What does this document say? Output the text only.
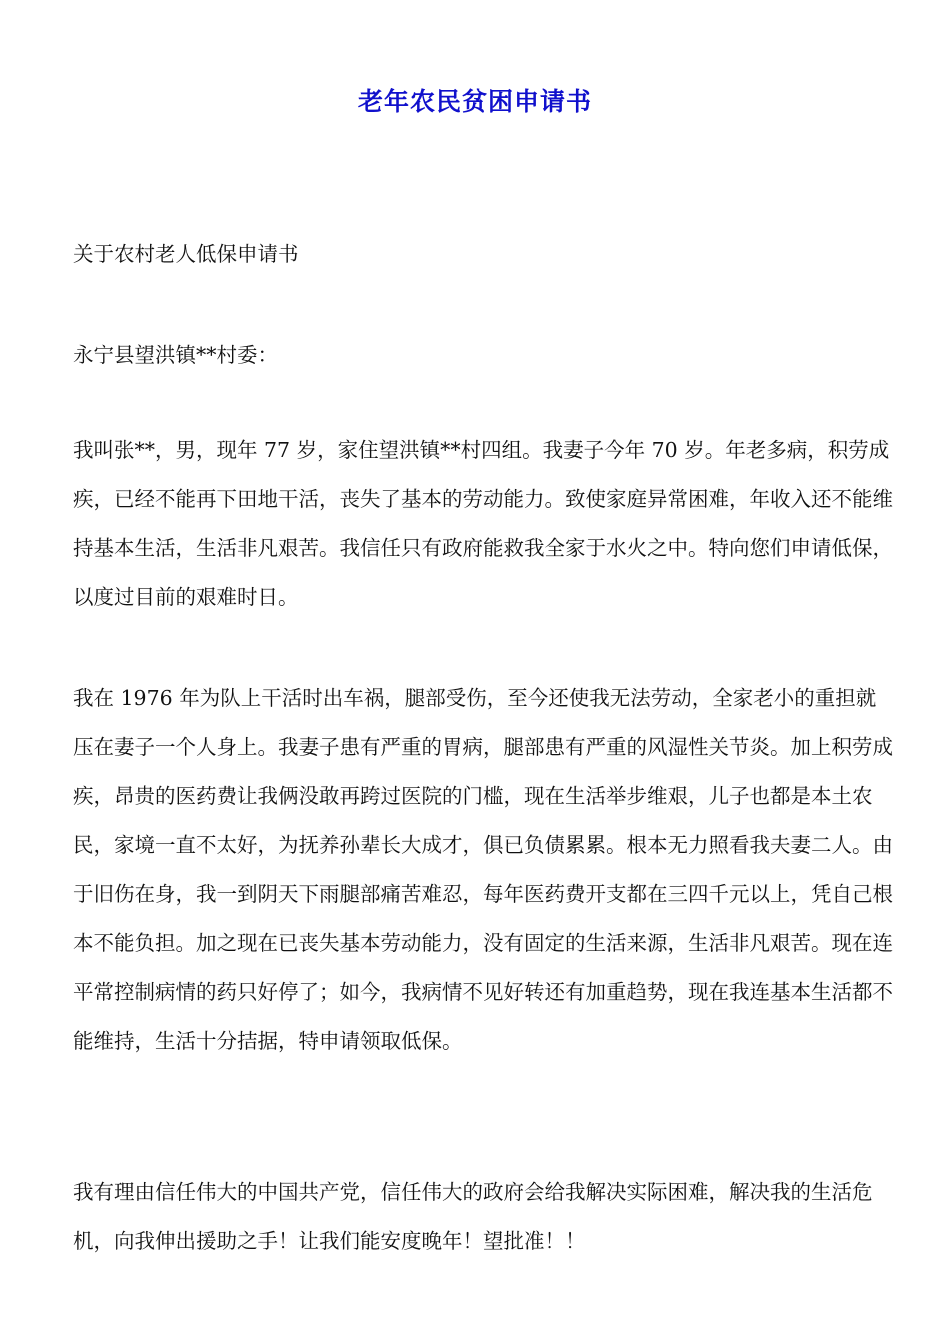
老年农民贫困申请书

关于农村老人低保申请书

永宁县望洪镇**村委：

我叫张**，男，现年 77 岁，家住望洪镇**村四组。我妻子今年 70 岁。年老多病，积劳成疾，已经不能再下田地干活，丧失了基本的劳动能力。致使家庭异常困难，年收入还不能维持基本生活，生活非凡艰苦。我信任只有政府能救我全家于水火之中。特向您们申请低保，以度过目前的艰难时日。

我在 1976 年为队上干活时出车祸，腿部受伤，至今还使我无法劳动，全家老小的重担就压在妻子一个人身上。我妻子患有严重的胃病，腿部患有严重的风湿性关节炎。加上积劳成疾，昂贵的医药费让我俩没敢再跨过医院的门槛，现在生活举步维艰，儿子也都是本土农民，家境一直不太好，为抚养孙辈长大成才，俱已负债累累。根本无力照看我夫妻二人。由于旧伤在身，我一到阴天下雨腿部痛苦难忍，每年医药费开支都在三四千元以上，凭自己根本不能负担。加之现在已丧失基本劳动能力，没有固定的生活来源，生活非凡艰苦。现在连平常控制病情的药只好停了；如今，我病情不见好转还有加重趋势，现在我连基本生活都不能维持，生活十分拮据，特申请领取低保。

我有理由信任伟大的中国共产党，信任伟大的政府会给我解决实际困难，解决我的生活危机，向我伸出援助之手！让我们能安度晚年！望批准！！
